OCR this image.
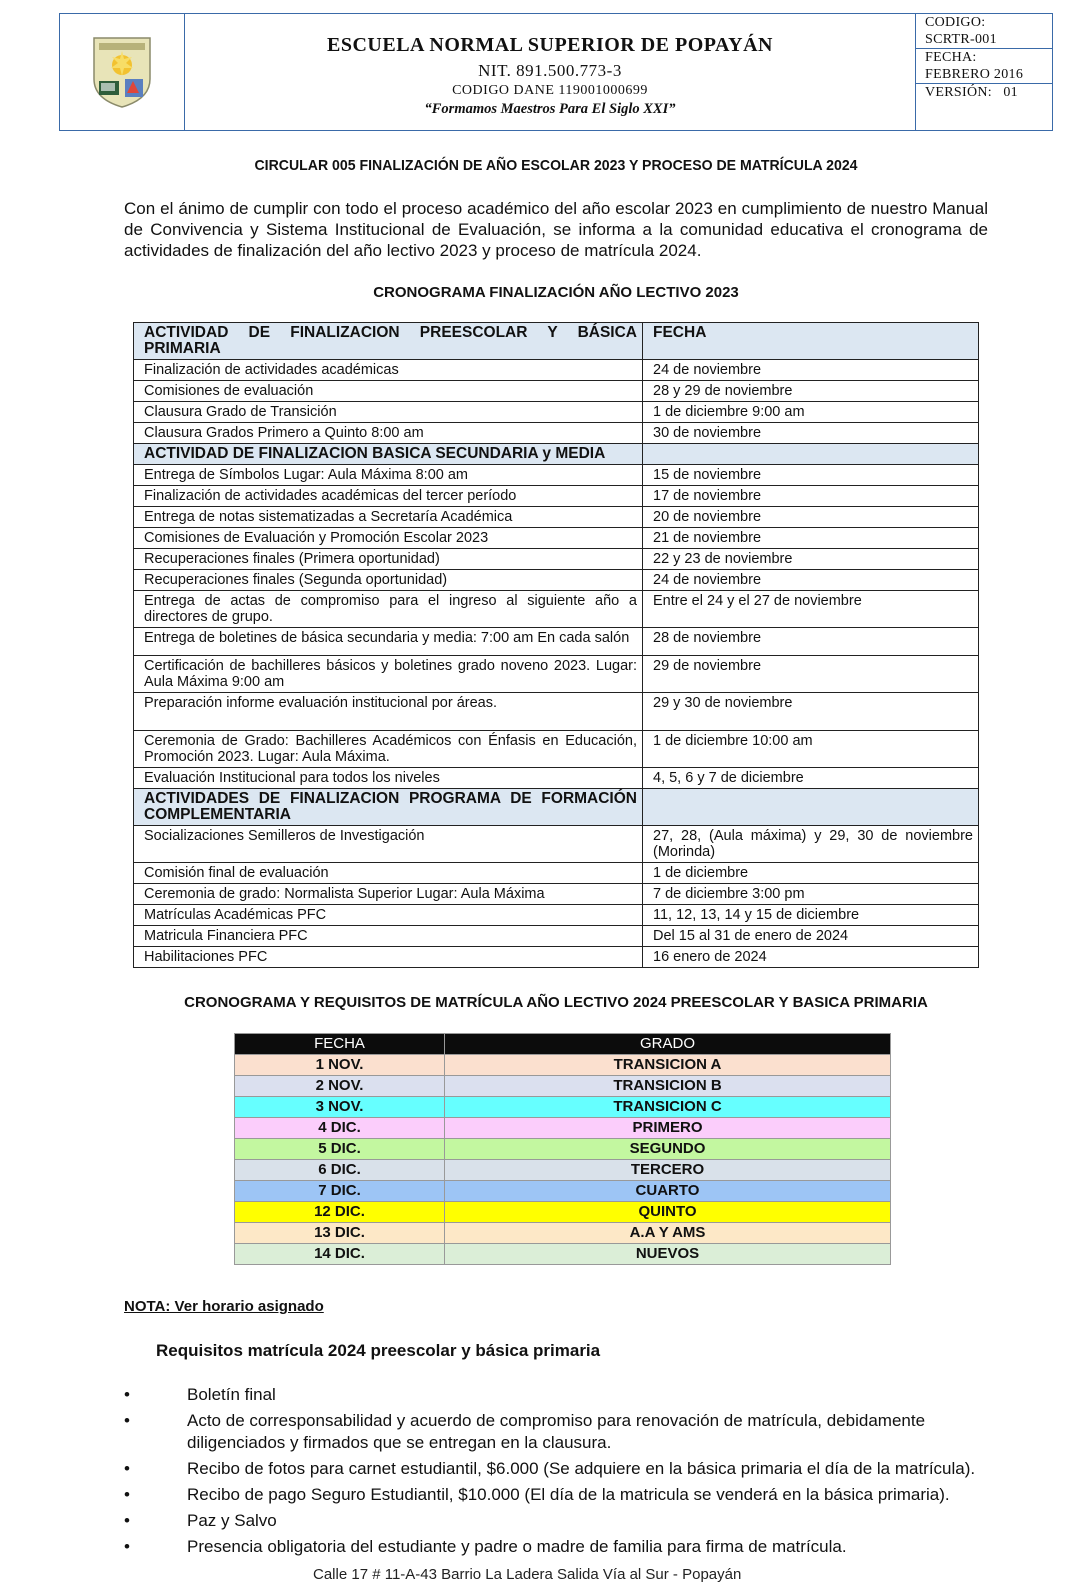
ESCUELA NORMAL SUPERIOR DE POPAYÁN
NIT. 891.500.773-3
CODIGO DANE 119001000699
“Formamos Maestros Para El Siglo XXI”
CODIGO:
SCRTR-001
FECHA:
FEBRERO 2016
VERSIÓN:   01
CIRCULAR 005 FINALIZACIÓN DE AÑO ESCOLAR 2023 Y PROCESO DE MATRÍCULA 2024
Con el ánimo de cumplir con todo el proceso académico del año escolar 2023 en cumplimiento de nuestro Manual de Convivencia y Sistema Institucional de Evaluación, se informa a la comunidad educativa el cronograma de actividades de finalización del año lectivo 2023 y proceso de matrícula 2024.
CRONOGRAMA FINALIZACIÓN AÑO LECTIVO 2023
ACTIVIDAD DE FINALIZACION PREESCOLAR Y BÁSICA PRIMARIA	FECHA
Finalización de actividades académicas	24 de noviembre
Comisiones de evaluación	28 y 29 de noviembre
Clausura Grado de Transición	1 de diciembre 9:00 am
Clausura Grados Primero a Quinto 8:00 am	30 de noviembre
ACTIVIDAD DE FINALIZACION BASICA SECUNDARIA y MEDIA	
Entrega de Símbolos Lugar: Aula Máxima 8:00 am	15 de noviembre
Finalización de actividades académicas del tercer período	17 de noviembre
Entrega de notas sistematizadas a Secretaría Académica	20 de noviembre
Comisiones de Evaluación y Promoción Escolar 2023	21 de noviembre
Recuperaciones finales (Primera oportunidad)	22 y 23 de noviembre
Recuperaciones finales (Segunda oportunidad)	24 de noviembre
Entrega de actas de compromiso para el ingreso al siguiente año a directores de grupo.	Entre el 24 y el 27 de noviembre
Entrega de boletines de básica secundaria y media: 7:00 am En cada salón	28 de noviembre
Certificación de bachilleres básicos y boletines grado noveno 2023. Lugar: Aula Máxima 9:00 am	29 de noviembre
Preparación informe evaluación institucional por áreas.	29 y 30 de noviembre
Ceremonia de Grado: Bachilleres Académicos con Énfasis en Educación, Promoción 2023. Lugar: Aula Máxima.	1 de diciembre 10:00 am
Evaluación Institucional para todos los niveles	4, 5, 6 y 7 de diciembre
ACTIVIDADES DE FINALIZACION PROGRAMA DE FORMACIÓN COMPLEMENTARIA	
Socializaciones Semilleros de Investigación	27, 28, (Aula máxima) y 29, 30 de noviembre (Morinda)
Comisión final de evaluación	1 de diciembre
Ceremonia de grado: Normalista Superior Lugar: Aula Máxima	7 de diciembre 3:00 pm
Matrículas Académicas PFC	11, 12, 13, 14 y 15 de diciembre
Matricula Financiera PFC	Del 15 al 31 de enero de 2024
Habilitaciones PFC	16 enero de 2024
CRONOGRAMA Y REQUISITOS DE MATRÍCULA AÑO LECTIVO 2024 PREESCOLAR Y BASICA PRIMARIA
FECHA	GRADO
1 NOV.	TRANSICION A
2 NOV.	TRANSICION B
3 NOV.	TRANSICION C
4 DIC.	PRIMERO
5 DIC.	SEGUNDO
6 DIC.	TERCERO
7 DIC.	CUARTO
12 DIC.	QUINTO
13 DIC.	A.A Y AMS
14 DIC.	NUEVOS
NOTA: Ver horario asignado
Requisitos matrícula 2024 preescolar y básica primaria
•	Boletín final
•	Acto de corresponsabilidad y acuerdo de compromiso para renovación de matrícula, debidamente diligenciados y firmados que se entregan en la clausura.
•	Recibo de fotos para carnet estudiantil, $6.000 (Se adquiere en la básica primaria el día de la matrícula).
•	Recibo de pago Seguro Estudiantil, $10.000 (El día de la matricula se venderá en la básica primaria).
•	Paz y Salvo
•	Presencia obligatoria del estudiante y padre o madre de familia para firma de matrícula.
Calle 17 # 11-A-43 Barrio La Ladera Salida Vía al Sur - Popayán
